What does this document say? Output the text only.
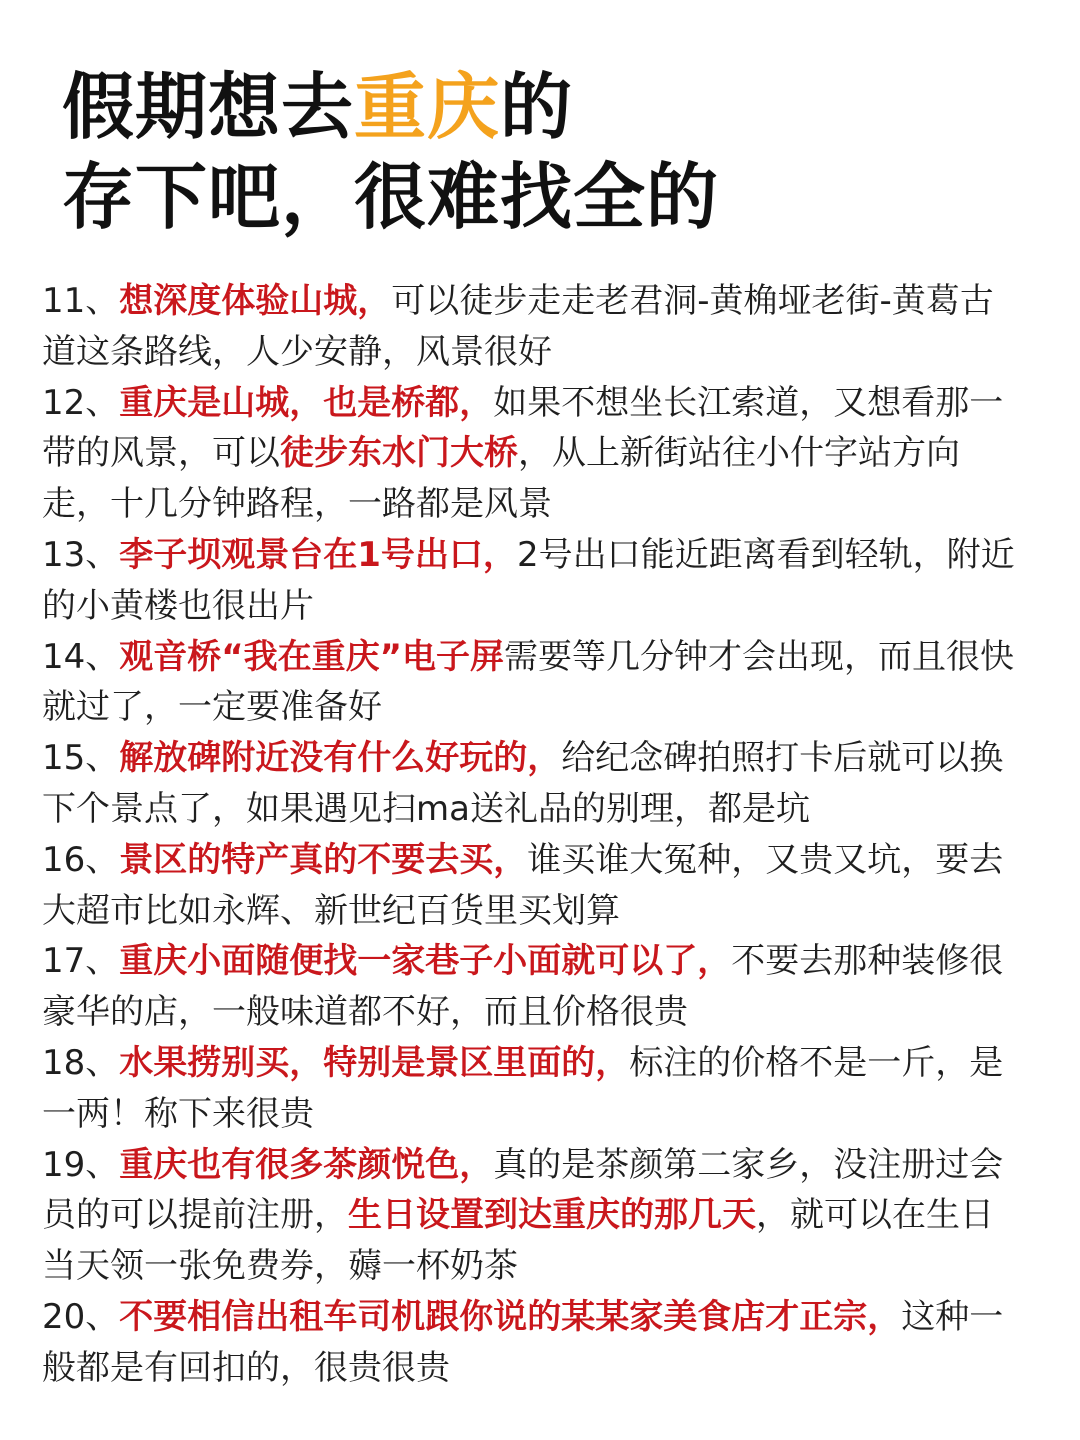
假期想去重庆的
存下吧，很难找全的
11、想深度体验山城，可以徒步走走老君洞-黄桷垭老街-黄葛古道这条路线，人少安静，风景很好
12、重庆是山城，也是桥都，如果不想坐长江索道，又想看那一带的风景，可以徒步东水门大桥，从上新街站往小什字站方向走，十几分钟路程，一路都是风景
13、李子坝观景台在1号出口，2号出口能近距离看到轻轨，附近的小黄楼也很出片
14、观音桥“我在重庆”电子屏需要等几分钟才会出现，而且很快就过了，一定要准备好
15、解放碑附近没有什么好玩的，给纪念碑拍照打卡后就可以换下个景点了，如果遇见扫ma送礼品的别理，都是坑
16、景区的特产真的不要去买，谁买谁大冤种，又贵又坑，要去大超市比如永辉、新世纪百货里买划算
17、重庆小面随便找一家巷子小面就可以了，不要去那种装修很豪华的店，一般味道都不好，而且价格很贵
18、水果捞别买，特别是景区里面的，标注的价格不是一斤，是一两！称下来很贵
19、重庆也有很多茶颜悦色，真的是茶颜第二家乡，没注册过会员的可以提前注册，生日设置到达重庆的那几天，就可以在生日当天领一张免费券，薅一杯奶茶
20、不要相信出租车司机跟你说的某某家美食店才正宗，这种一般都是有回扣的，很贵很贵
